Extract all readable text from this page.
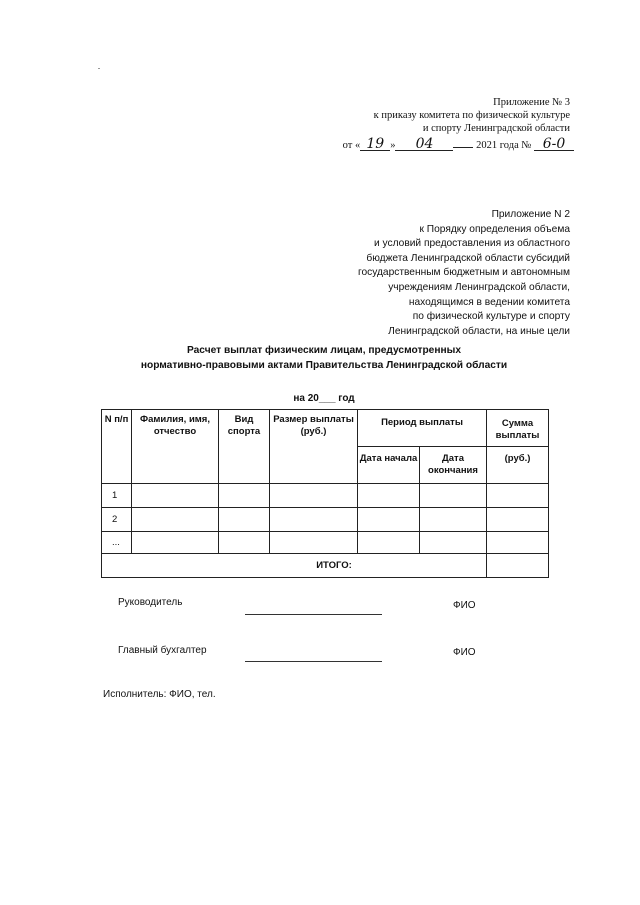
Приложение № 3
к приказу комитета по физической культуре
и спорту Ленинградской области
от « 19 » 04	2021 года № 6-0
Приложение N 2
к Порядку определения объема
и условий предоставления из областного
бюджета Ленинградской области субсидий
государственным бюджетным и автономным
учреждениям Ленинградской области,
находящимся в ведении комитета
по физической культуре и спорту
Ленинградской области, на иные цели
Расчет выплат физическим лицам, предусмотренных
нормативно-правовыми актами Правительства Ленинградской области
на 20___ год
N п/п	Фамилия, имя, отчество	Вид спорта	Размер выплаты (руб.)	Период выплаты		Сумма выплаты
				Дата начала	Дата окончания	(руб.)
1						
2						
...						
ИТОГО:						
Руководитель	ФИО
Главный бухгалтер	ФИО
Исполнитель: ФИО, тел.
